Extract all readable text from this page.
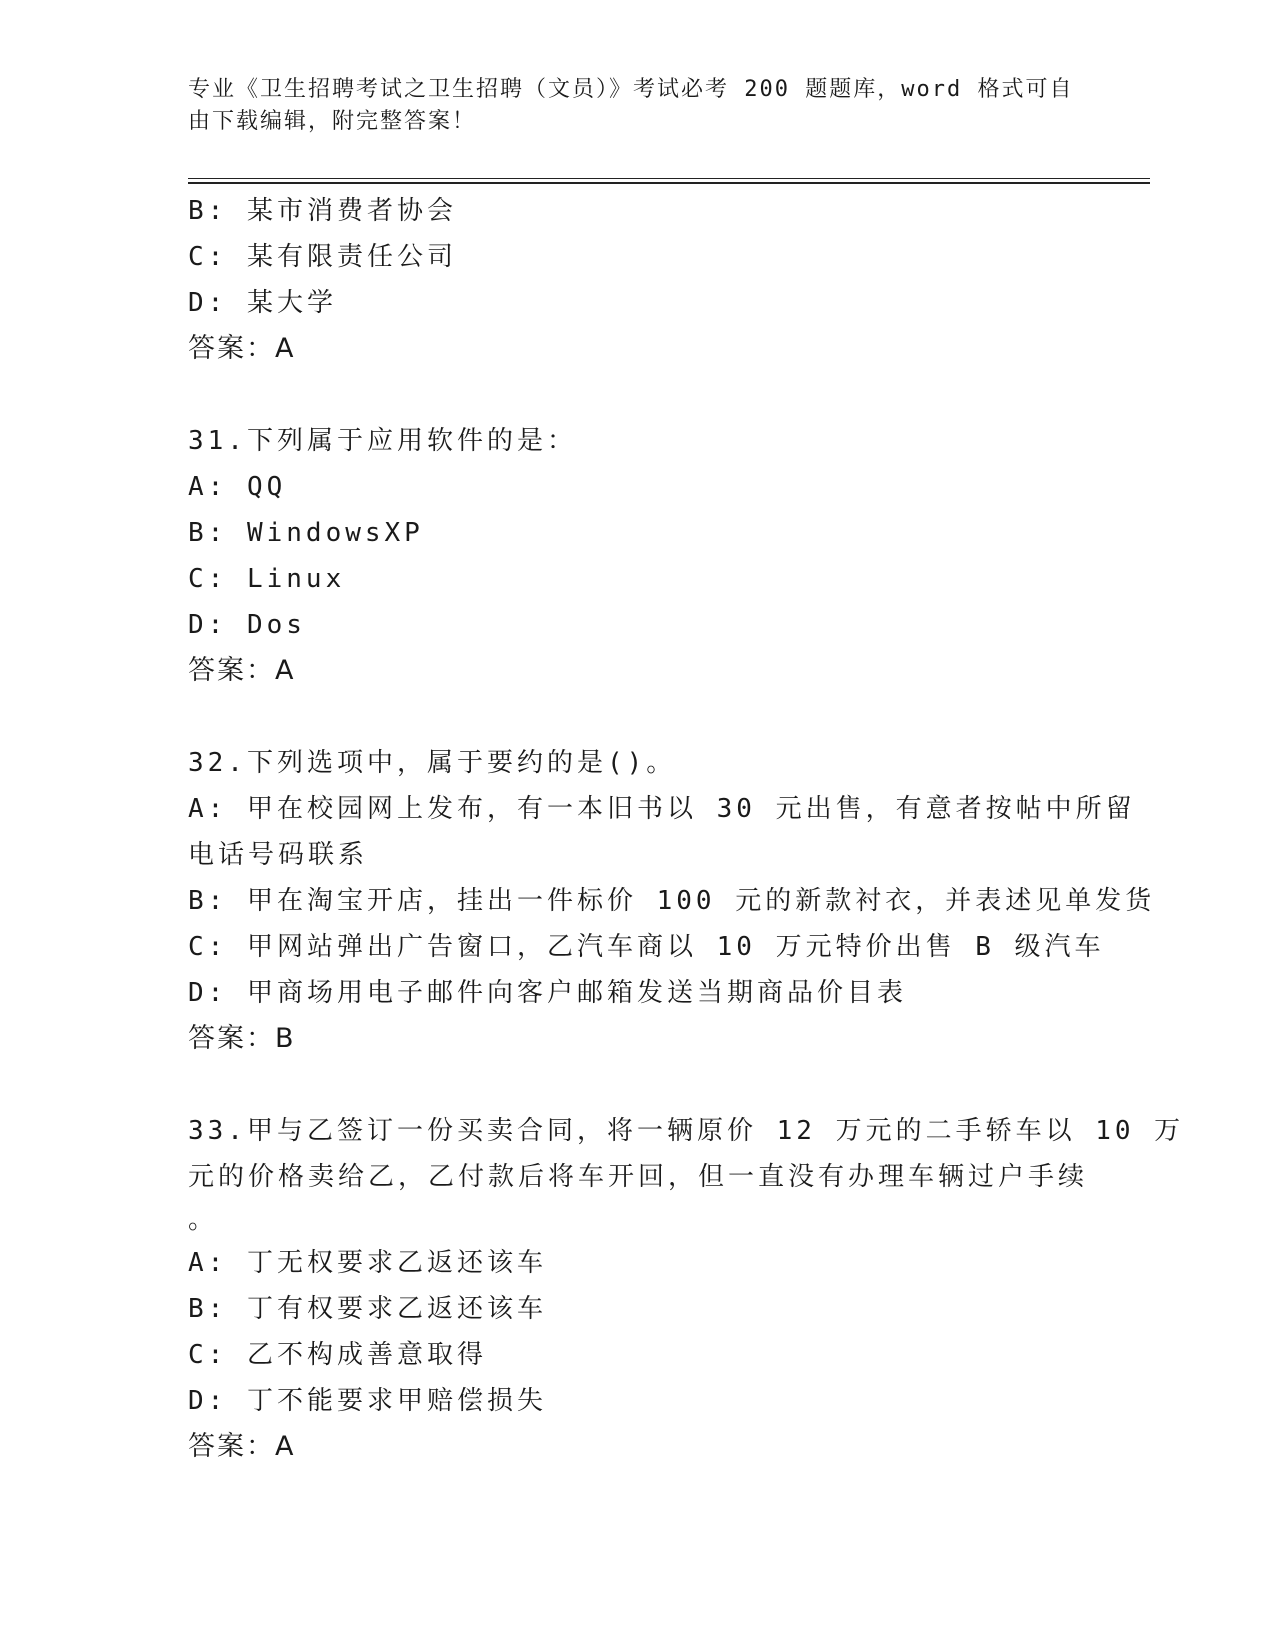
专业《卫生招聘考试之卫生招聘（文员）》考试必考 200 题题库，word 格式可自
由下载编辑，附完整答案！
B: 某市消费者协会
C: 某有限责任公司
D: 某大学
答案：A
31.下列属于应用软件的是：
A: QQ
B: WindowsXP
C: Linux
D: Dos
答案：A
32.下列选项中，属于要约的是()。
A: 甲在校园网上发布，有一本旧书以 30 元出售，有意者按帖中所留
电话号码联系
B: 甲在淘宝开店，挂出一件标价 100 元的新款衬衣，并表述见单发货
C: 甲网站弹出广告窗口，乙汽车商以 10 万元特价出售 B 级汽车
D: 甲商场用电子邮件向客户邮箱发送当期商品价目表
答案：B
33.甲与乙签订一份买卖合同，将一辆原价 12 万元的二手轿车以 10 万
元的价格卖给乙，乙付款后将车开回，但一直没有办理车辆过户手续
。
A: 丁无权要求乙返还该车
B: 丁有权要求乙返还该车
C: 乙不构成善意取得
D: 丁不能要求甲赔偿损失
答案：A
